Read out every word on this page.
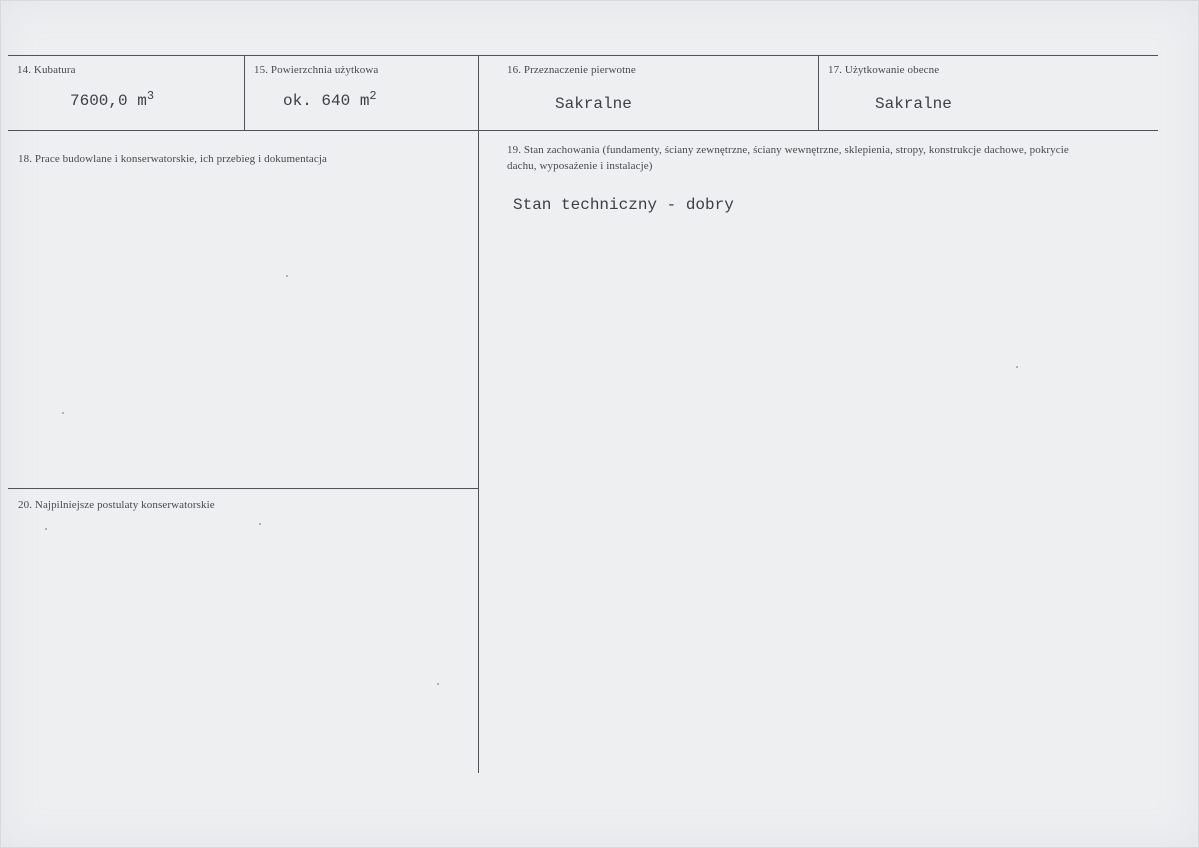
14. Kubatura
7600,0 $m^3$
15. Powierzchnia użytkowa
ok. 640 $m^2$
16. Przeznaczenie pierwotne
Sakralne
17. Użytkowanie obecne
Sakralne
18. Prace budowlane i konserwatorskie, ich przebieg i dokumentacja
19. Stan zachowania (fundamenty, ściany zewnętrzne, ściany wewnętrzne, sklepienia, stropy, konstrukcje dachowe, pokrycie dachu, wyposażenie i instalacje)
Stan techniczny - dobry
20. Najpilniejsze postulaty konserwatorskie
